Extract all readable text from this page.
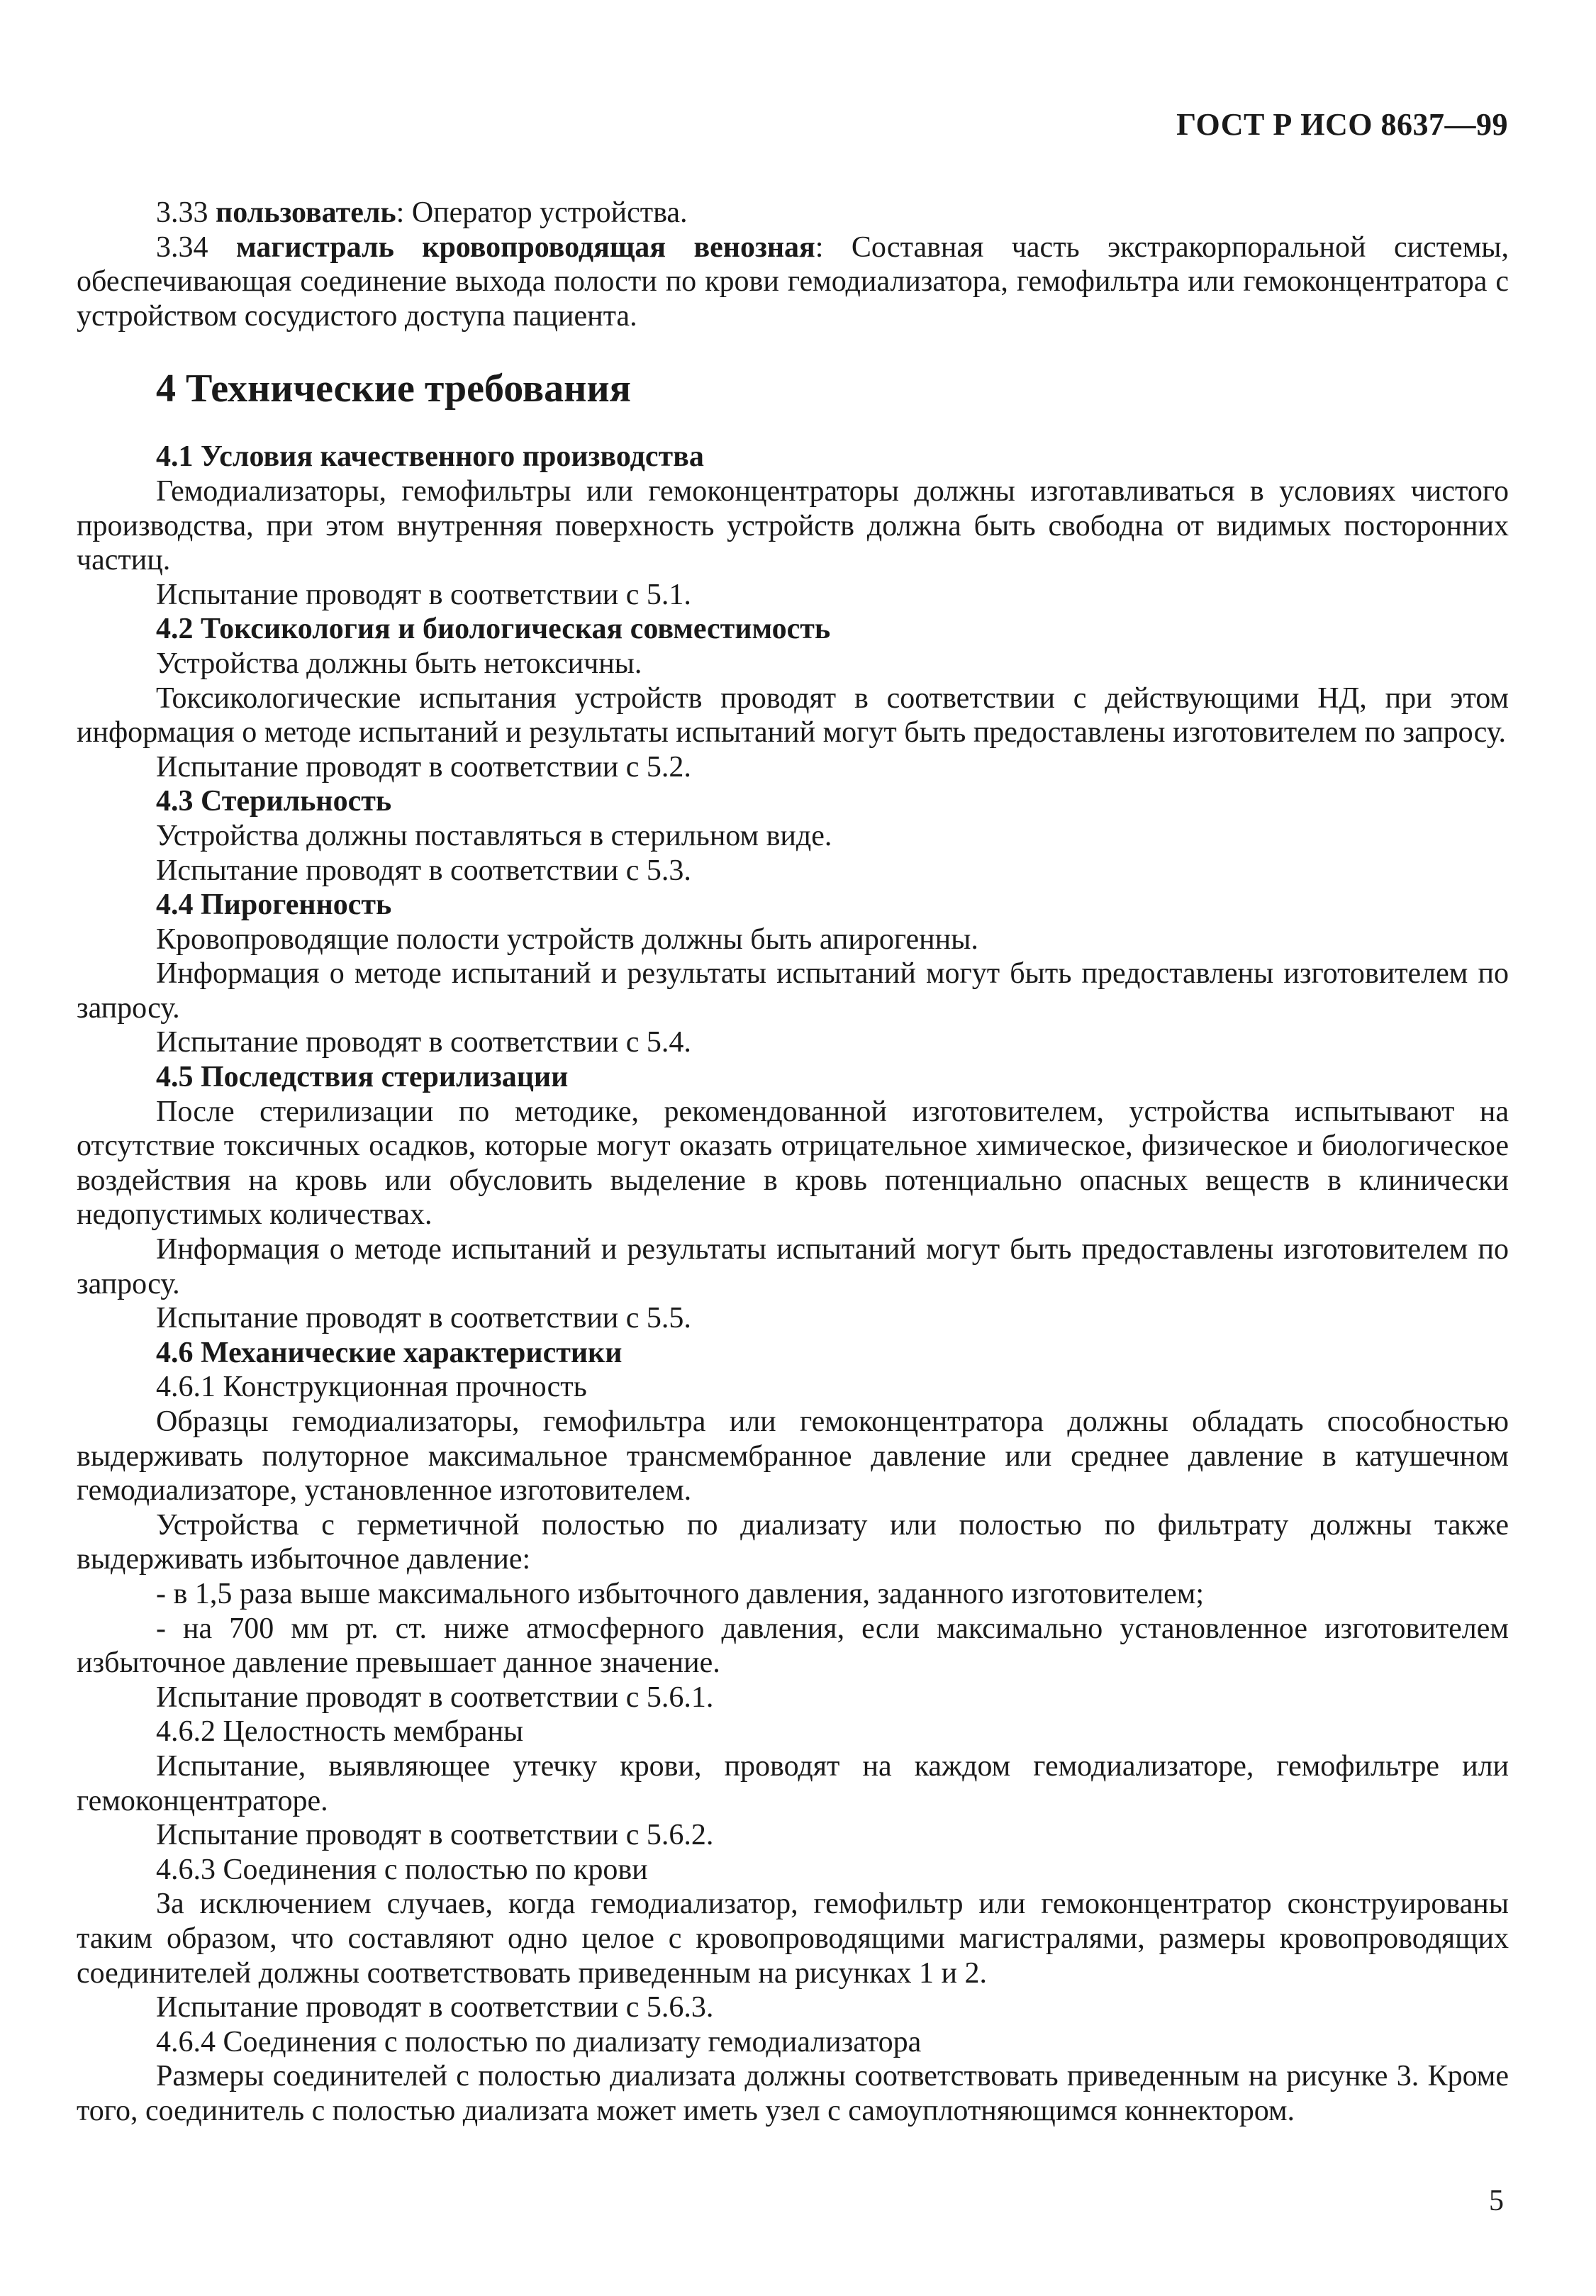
ГОСТ Р ИСО 8637—99

3.33 пользователь: Оператор устройства.

3.34 магистраль кровопроводящая венозная: Составная часть экстракорпоральной системы, обеспечивающая соединение выхода полости по крови гемодиализатора, гемофильтра или гемоконцентратора с устройством сосудистого доступа пациента.

4 Технические требования
4.1 Условия качественного производства

Гемодиализаторы, гемофильтры или гемоконцентраторы должны изготавливаться в условиях чистого производства, при этом внутренняя поверхность устройств должна быть свободна от видимых посторонних частиц.

Испытание проводят в соответствии с 5.1.

4.2 Токсикология и биологическая совместимость

Устройства должны быть нетоксичны.

Токсикологические испытания устройств проводят в соответствии с действующими НД, при этом информация о методе испытаний и результаты испытаний могут быть предоставлены изготовителем по запросу.

Испытание проводят в соответствии с 5.2.

4.3 Стерильность

Устройства должны поставляться в стерильном виде.

Испытание проводят в соответствии с 5.3.

4.4 Пирогенность

Кровопроводящие полости устройств должны быть апирогенны.

Информация о методе испытаний и результаты испытаний могут быть предоставлены изготовителем по запросу.

Испытание проводят в соответствии с 5.4.

4.5 Последствия стерилизации

После стерилизации по методике, рекомендованной изготовителем, устройства испытывают на отсутствие токсичных осадков, которые могут оказать отрицательное химическое, физическое и биологическое воздействия на кровь или обусловить выделение в кровь потенциально опасных веществ в клинически недопустимых количествах.

Информация о методе испытаний и результаты испытаний могут быть предоставлены изготовителем по запросу.

Испытание проводят в соответствии с 5.5.

4.6 Механические характеристики

4.6.1 Конструкционная прочность

Образцы гемодиализаторы, гемофильтра или гемоконцентратора должны обладать способностью выдерживать полуторное максимальное трансмембранное давление или среднее давление в катушечном гемодиализаторе, установленное изготовителем.

Устройства с герметичной полостью по диализату или полостью по фильтрату должны также выдерживать избыточное давление:

- в 1,5 раза выше максимального избыточного давления, заданного изготовителем;

- на 700 мм рт. ст. ниже атмосферного давления, если максимально установленное изготовителем избыточное давление превышает данное значение.

Испытание проводят в соответствии с 5.6.1.

4.6.2 Целостность мембраны

Испытание, выявляющее утечку крови, проводят на каждом гемодиализаторе, гемофильтре или гемоконцентраторе.

Испытание проводят в соответствии с 5.6.2.

4.6.3 Соединения с полостью по крови

За исключением случаев, когда гемодиализатор, гемофильтр или гемоконцентратор сконструированы таким образом, что составляют одно целое с кровопроводящими магистралями, размеры кровопроводящих соединителей должны соответствовать приведенным на рисунках 1 и 2.

Испытание проводят в соответствии с 5.6.3.

4.6.4 Соединения с полостью по диализату гемодиализатора

Размеры соединителей с полостью диализата должны соответствовать приведенным на рисунке 3. Кроме того, соединитель с полостью диализата может иметь узел с самоуплотняющимся коннектором.

5
